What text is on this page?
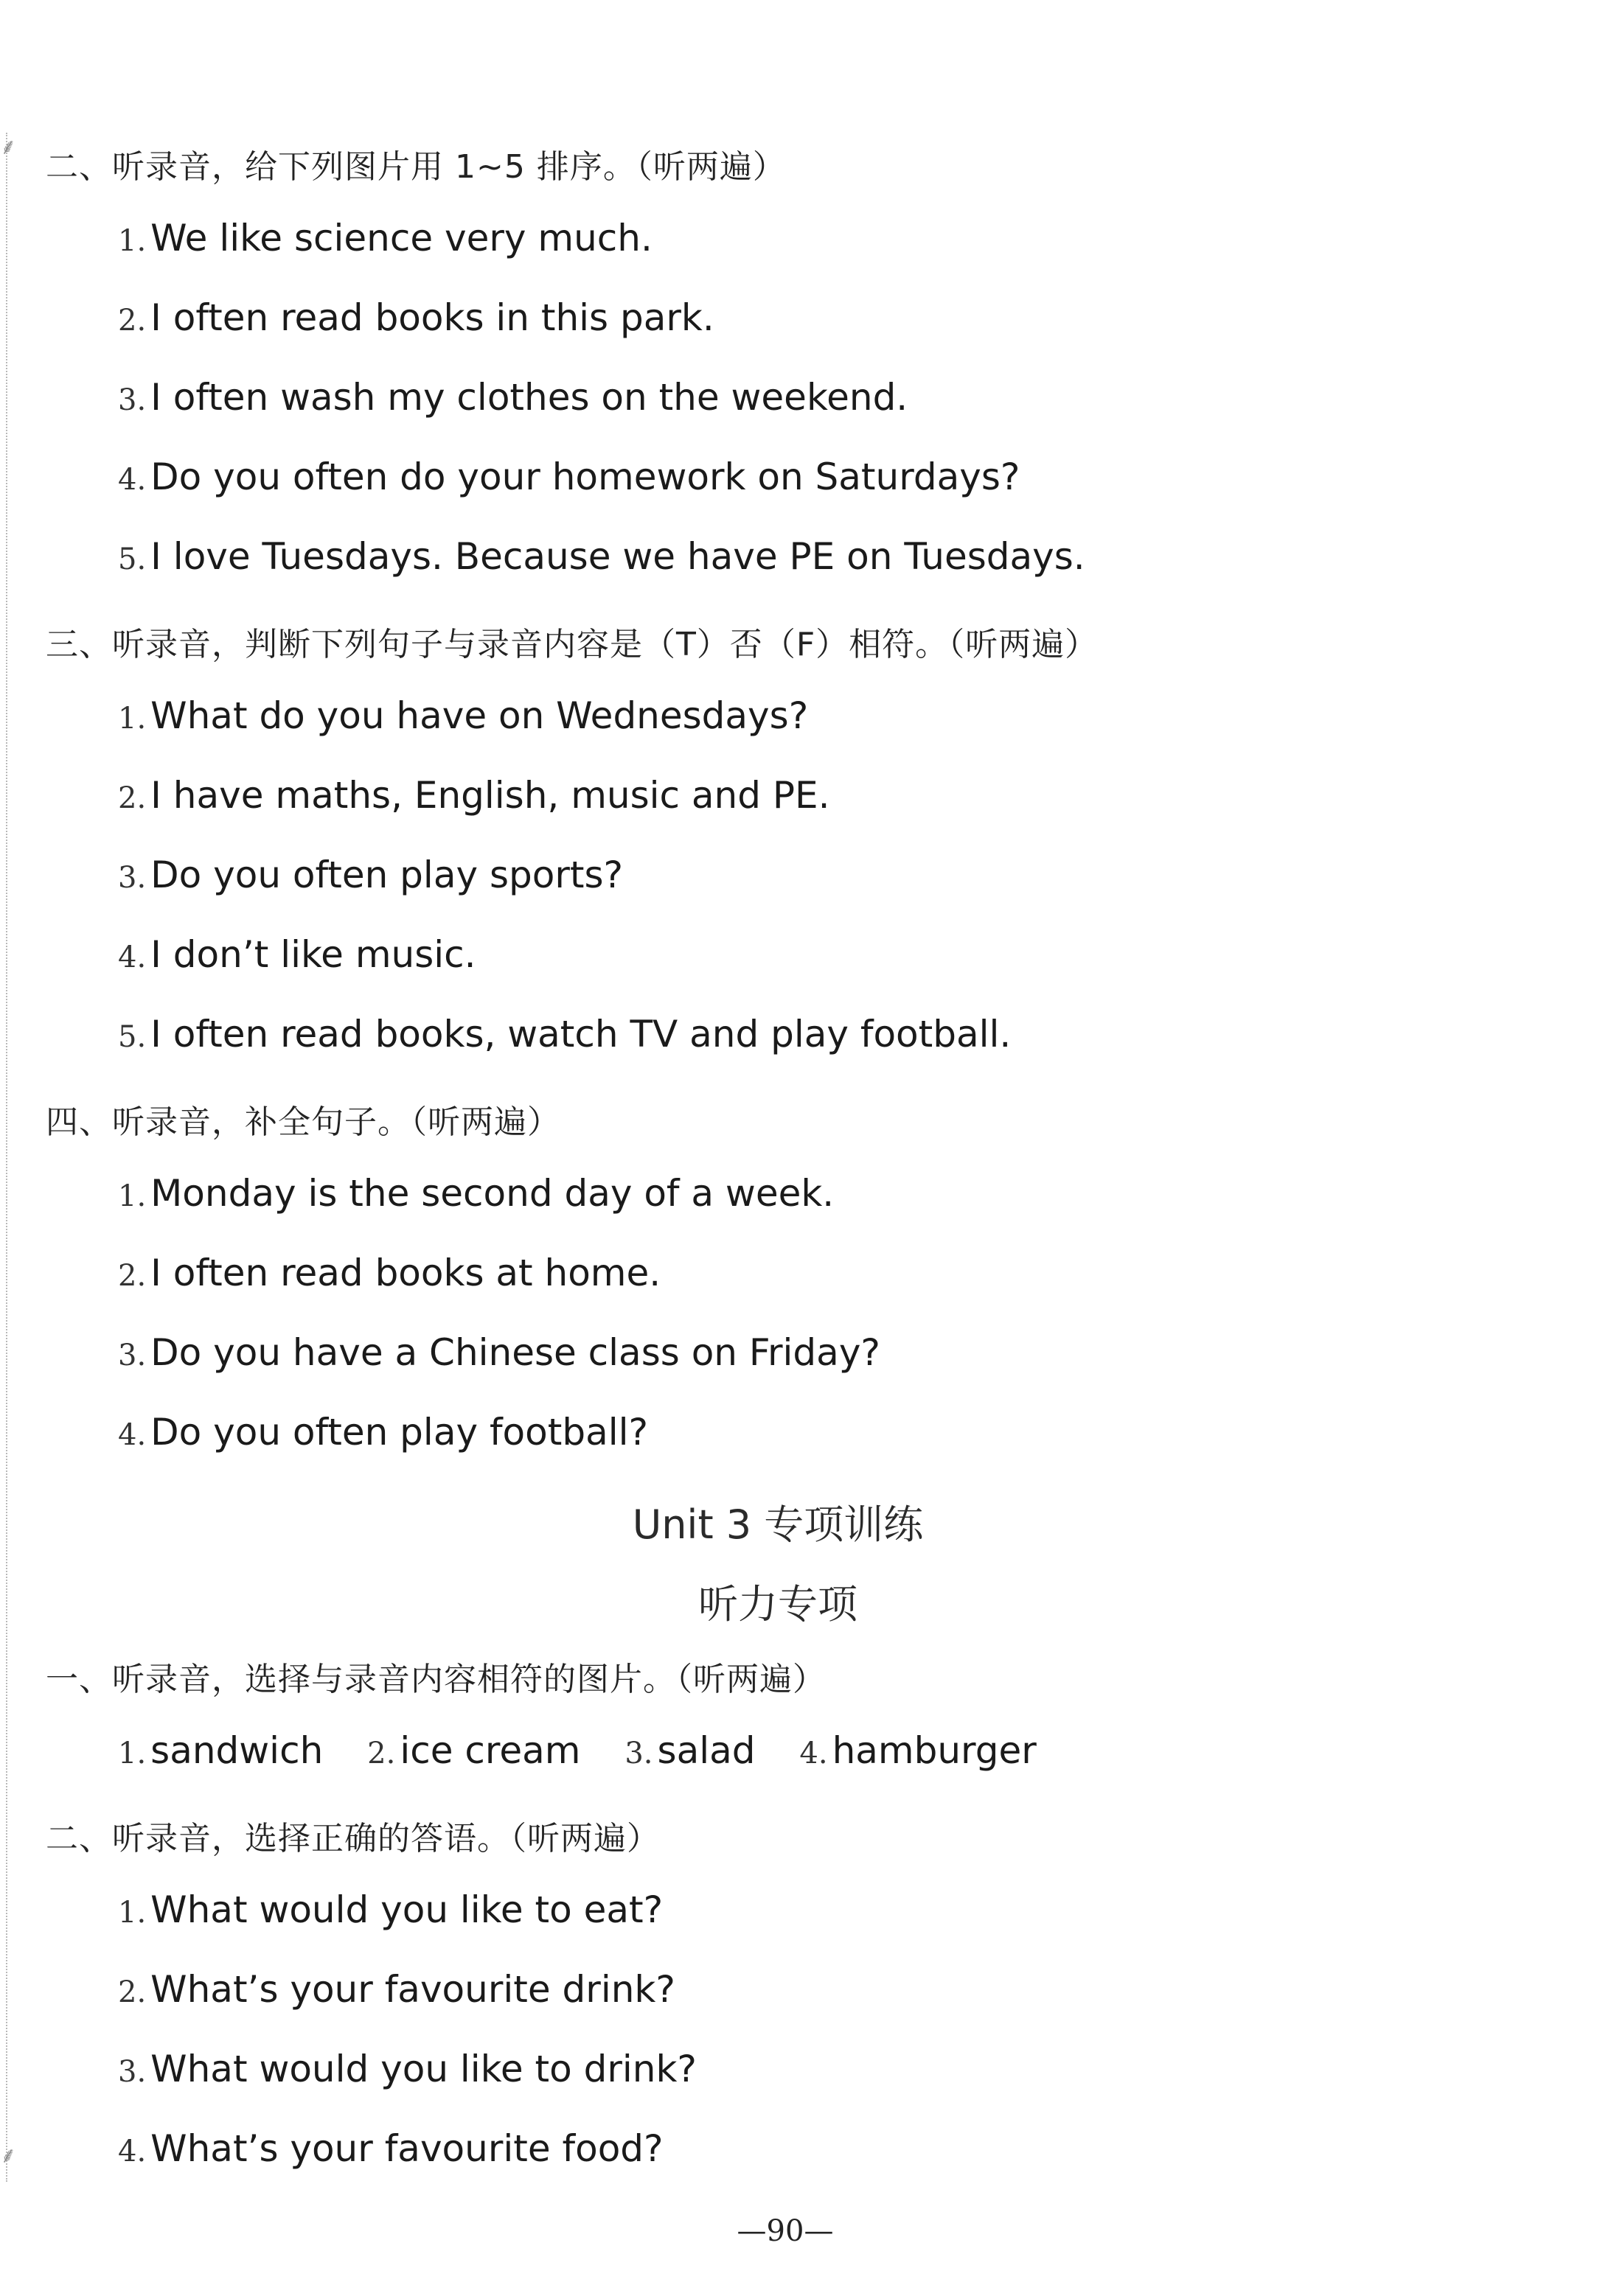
⸙
⸙
二、听录音，给下列图片用 1~5 排序。（听两遍）
1. We like science very much.
2. I often read books in this park.
3. I often wash my clothes on the weekend.
4. Do you often do your homework on Saturdays?
5. I love Tuesdays. Because we have PE on Tuesdays.
三、听录音，判断下列句子与录音内容是（T）否（F）相符。（听两遍）
1. What do you have on Wednesdays?
2. I have maths, English, music and PE.
3. Do you often play sports?
4. I don’t like music.
5. I often read books, watch TV and play football.
四、听录音，补全句子。（听两遍）
1. Monday is the second day of a week.
2. I often read books at home.
3. Do you have a Chinese class on Friday?
4. Do you often play football?
Unit 3 专项训练
听力专项
一、听录音，选择与录音内容相符的图片。（听两遍）
1. sandwich 2. ice cream 3. salad 4. hamburger
二、听录音，选择正确的答语。（听两遍）
1. What would you like to eat?
2. What’s your favourite drink?
3. What would you like to drink?
4. What’s your favourite food?
—90—
